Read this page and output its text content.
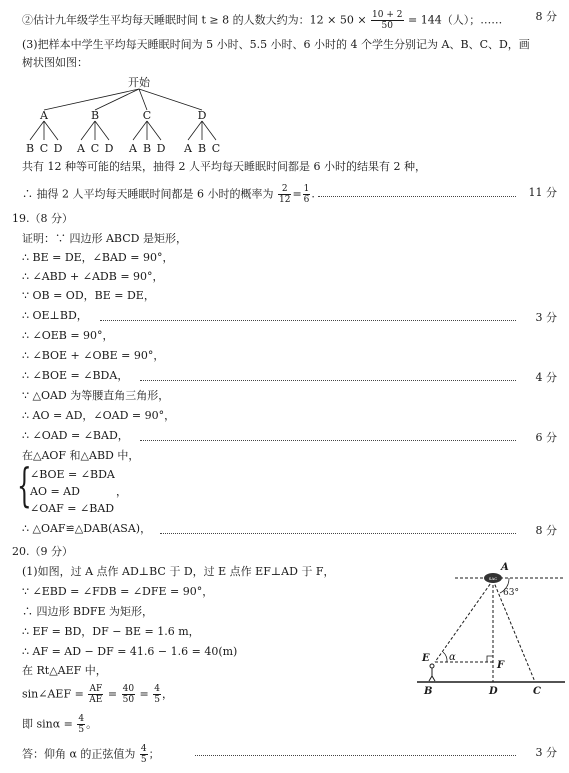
②估计九年级学生平均每天睡眠时间 t ≥ 8 的人数大约为：$12 \times 50 \times \frac{10 + 2}{50} = 144$（人）；……	8 分
(3)把样本中学生平均每天睡眠时间为 5 小时、5.5 小时、6 小时的 4 个学生分别记为 A、B、C、D，画
树状图如图：
开始
A	B	C	D
B C D A C D A B D A B C
共有 12 种等可能的结果，抽得 2 人平均每天睡眠时间都是 6 小时的结果有 2 种，
∴ 抽得 2 人平均每天睡眠时间都是 6 小时的概率为 $\frac{2}{12} = \frac{1}{6}$ .	11 分
19.（8 分）
证明：∵ 四边形 ABCD 是矩形，
∴ BE = DE，∠BAD = 90°，
∴ ∠ABD + ∠ADB = 90°，
∵ OB = OD，BE = DE，
∴ OE⊥BD，	3 分
∴ ∠OEB = 90°，
∴ ∠BOE + ∠OBE = 90°，
∴ ∠BOE = ∠BDA，	4 分
∵ △OAD 为等腰直角三角形，
∴ AO = AD，∠OAD = 90°，
∴ ∠OAD = ∠BAD，	6 分
在△AOF 和△ABD 中，
{
∠BOE = ∠BDA
AO = AD	，
∠OAF = ∠BAD
∴ △OAF≌△DAB(ASA)，	8 分
20.（9 分）
(1)如图，过 A 点作 AD⊥BC 于 D，过 E 点作 EF⊥AD 于 F，
∵ ∠EBD = ∠FDB = ∠DFE = 90°，
∴ 四边形 BDFE 为矩形，
∴ EF = BD，DF − BE = 1.6 m，
∴ AF = AD − DF = 41.6 − 1.6 = 40(m)
在 Rt△AEF 中，
sin∠AEF = $\frac{AF}{AE} = \frac{40}{50} = \frac{4}{5}$ ，
即 $\sin\alpha = \frac{4}{5}$ 。
答：仰角 α 的正弦值为 $\frac{4}{5}$ ；	3 分
SAC
A
E
F
B	D	C
α
63°
